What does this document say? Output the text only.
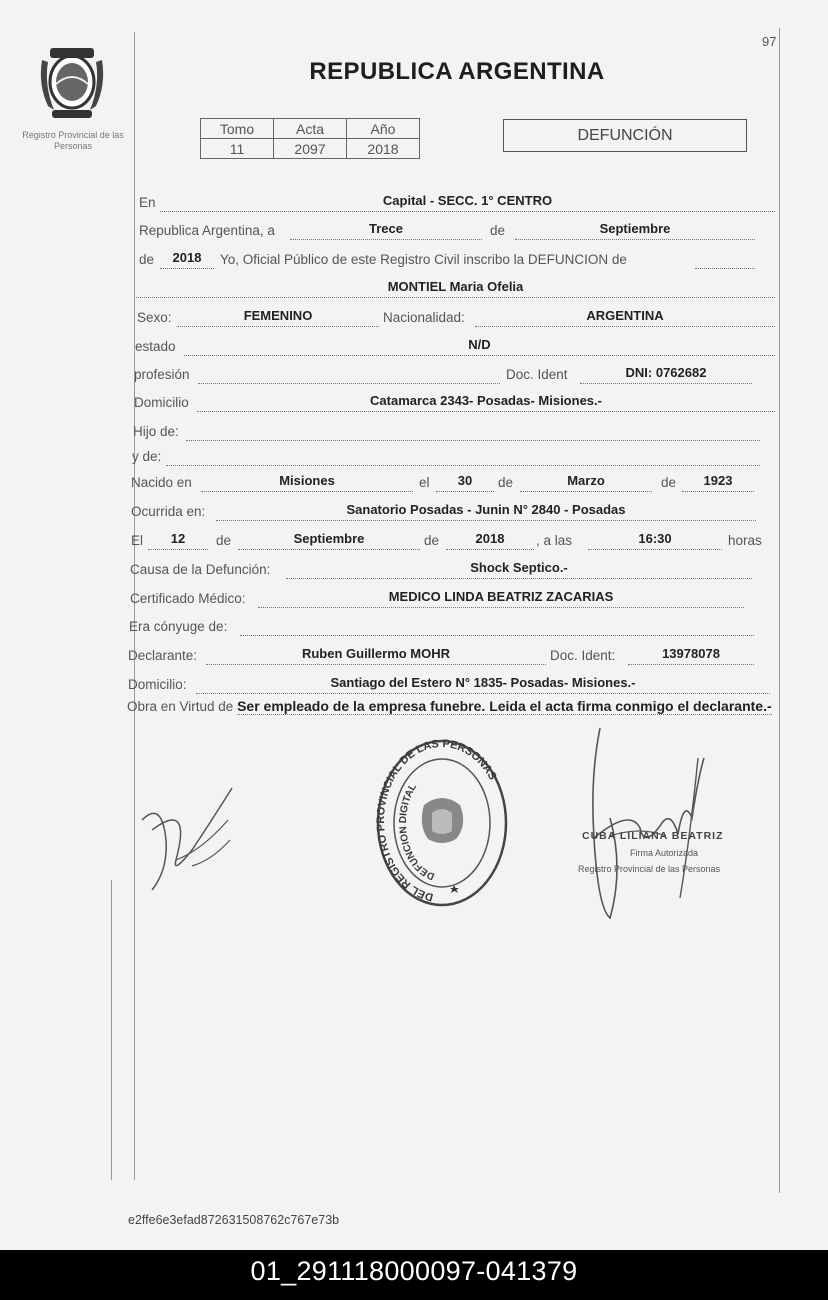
97
Registro Provincial de las Personas
REPUBLICA ARGENTINA
Tomo	Acta	Año
11	2097	2018
DEFUNCIÓN
En	Capital - SECC. 1° CENTRO
Republica Argentina, a	Trece	de	Septiembre
de	2018	Yo, Oficial Público de este Registro Civil inscribo la DEFUNCION de
MONTIEL Maria Ofelia
Sexo:	FEMENINO	Nacionalidad:	ARGENTINA
estado	N/D
profesión	Doc. Ident	DNI: 0762682
Domicilio	Catamarca 2343- Posadas- Misiones.-
Hijo de:
y de:
Nacido en	Misiones	el	30	de	Marzo	de	1923
Ocurrida en:	Sanatorio Posadas - Junin N° 2840 - Posadas
El	12	de	Septiembre	de	2018	, a las	16:30	horas
Causa de la Defunción:	Shock Septico.-
Certificado Médico:	MEDICO LINDA BEATRIZ ZACARIAS
Era cónyuge de:
Declarante:	Ruben Guillermo MOHR	Doc. Ident:	13978078
Domicilio:	Santiago del Estero N° 1835- Posadas- Misiones.-
Obra en Virtud de Ser empleado de la empresa funebre. Leida el acta firma conmigo el declarante.-
DEL REGISTRO PROVINCIAL DE LAS PERSONAS
DEFUNCION DIGITAL
CUBA LILIANA BEATRIZ
Firma Autorizada
Registro Provincial de las Personas
e2ffe6e3efad872631508762c767e73b
01_291118000097-041379
